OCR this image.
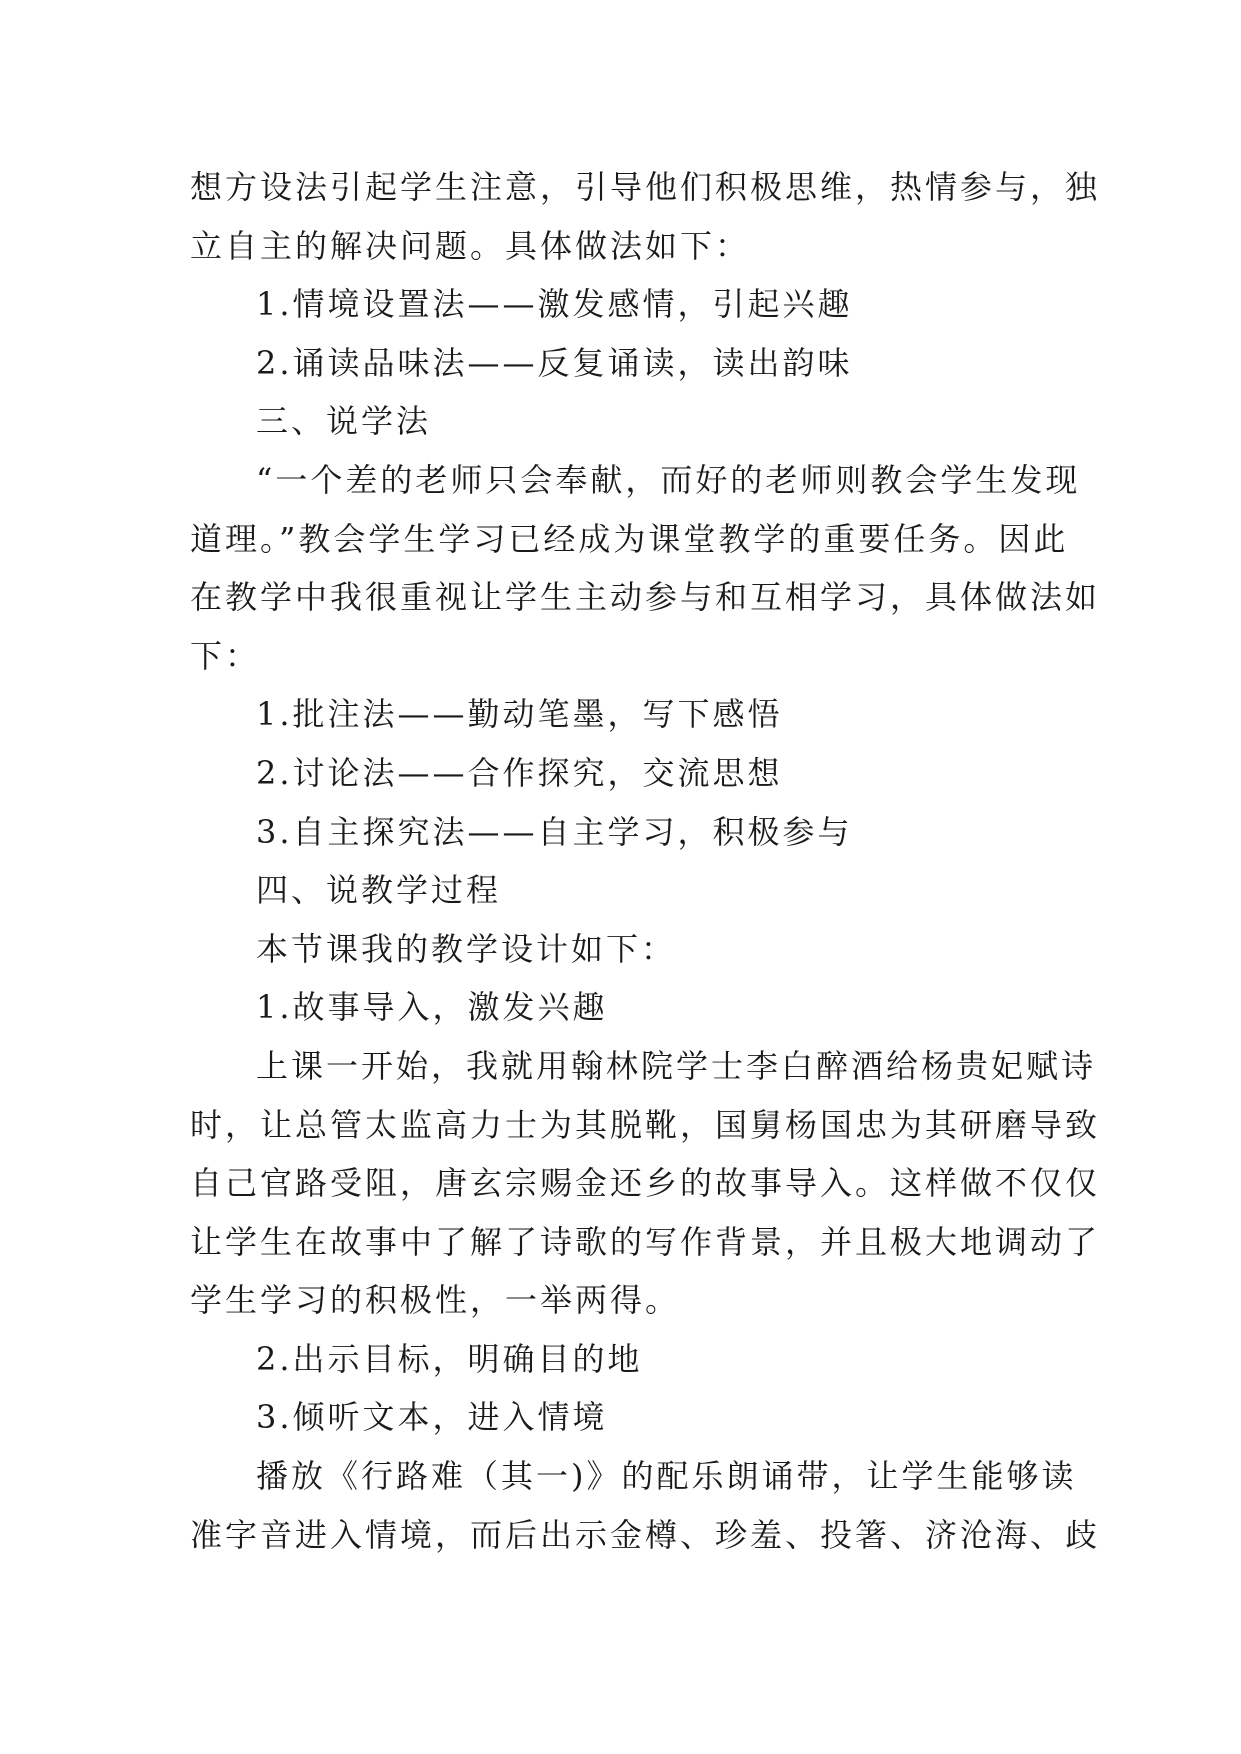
想方设法引起学生注意，引导他们积极思维，热情参与，独
立自主的解决问题。具体做法如下：
1.情境设置法——激发感情，引起兴趣
2.诵读品味法——反复诵读，读出韵味
三、说学法
“一个差的老师只会奉献，而好的老师则教会学生发现
道理。”教会学生学习已经成为课堂教学的重要任务。因此
在教学中我很重视让学生主动参与和互相学习，具体做法如
下：
1.批注法——勤动笔墨，写下感悟
2.讨论法——合作探究，交流思想
3.自主探究法——自主学习，积极参与
四、说教学过程
本节课我的教学设计如下：
1.故事导入，激发兴趣
上课一开始，我就用翰林院学士李白醉酒给杨贵妃赋诗
时，让总管太监高力士为其脱靴，国舅杨国忠为其研磨导致
自己官路受阻，唐玄宗赐金还乡的故事导入。这样做不仅仅
让学生在故事中了解了诗歌的写作背景，并且极大地调动了
学生学习的积极性，一举两得。
2.出示目标，明确目的地
3.倾听文本，进入情境
播放《行路难（其一)》的配乐朗诵带，让学生能够读
准字音进入情境，而后出示金樽、珍羞、投箸、济沧海、歧
